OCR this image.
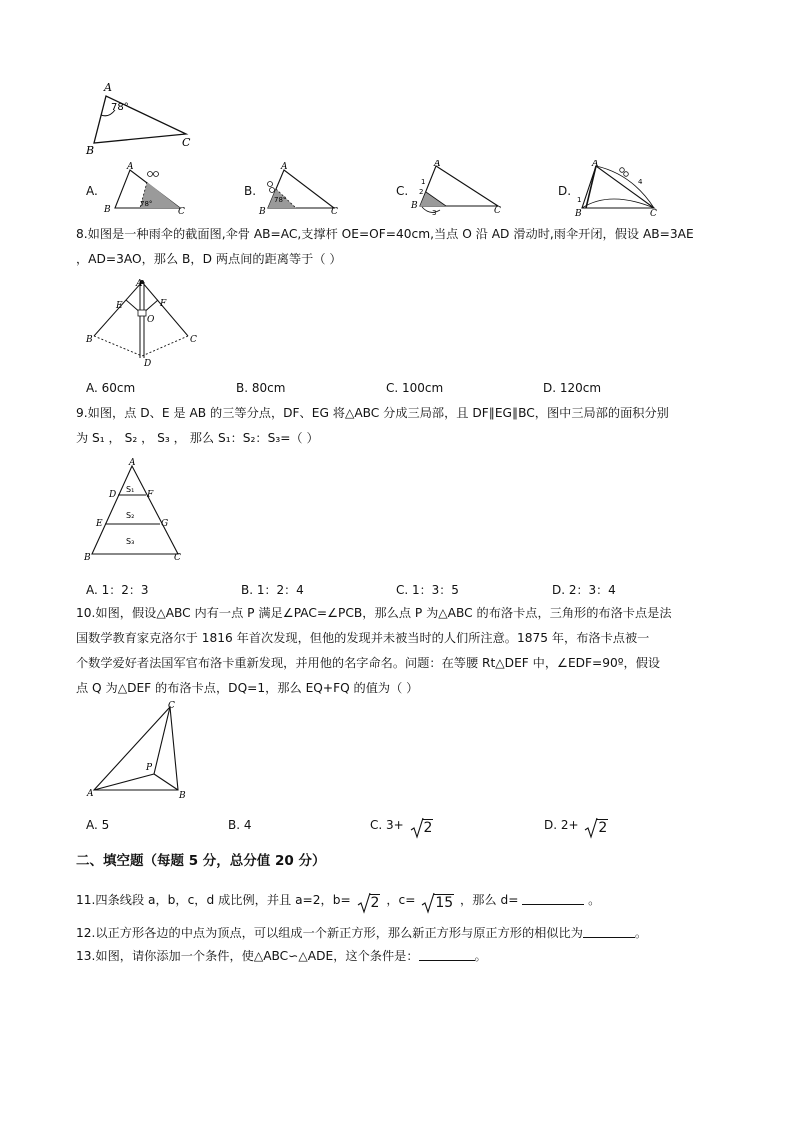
A
B
C
78°
A.
A
B	C
78°
B.
A
B	C
78°
C.
A
B	C
1
2
3
D.
A
B	C
1
4
8.如图是一种雨伞的截面图,伞骨 AB=AC,支撑杆 OE=OF=40cm,当点 O 沿 AD 滑动时,雨伞开闭，假设 AB=3AE
，AD=3AO，那么 B，D 两点间的距离等于（ ）
A
E	F
O
B	C
D
A. 60cm	B. 80cm	C. 100cm	D. 120cm
9.如图，点 D、E 是 AB 的三等分点，DF、EG 将△ABC 分成三局部，且 DF∥EG∥BC，图中三局部的面积分别
为 S₁ ， S₂ ， S₃ ， 那么 S₁：S₂：S₃=（ ）
A
D	F
E	G
B	C
S₁
S₂
S₃
A. 1：2：3	B. 1：2：4	C. 1：3：5	D. 2：3：4
10.如图，假设△ABC 内有一点 P 满足∠PAC=∠PCB，那么点 P 为△ABC 的布洛卡点，三角形的布洛卡点是法
国数学教育家克洛尔于 1816 年首次发现，但他的发现并未被当时的人们所注意。1875 年，布洛卡点被一
个数学爱好者法国军官布洛卡重新发现，并用他的名字命名。问题：在等腰 Rt△DEF 中，∠EDF=90º，假设
点 Q 为△DEF 的布洛卡点，DQ=1，那么 EQ+FQ 的值为（ ）
C
P
A	B
A. 5	B. 4	C. 3+ 2	D. 2+ 2
二、填空题（每题 5 分，总分值 20 分）
11.四条线段 a，b，c，d 成比例，并且 a=2，b= 2 ，c= 15 ，那么 d=	。
12.以正方形各边的中点为顶点，可以组成一个新正方形，那么新正方形与原正方形的相似比为	。
13.如图，请你添加一个条件，使△ABC∽△ADE，这个条件是：	。
